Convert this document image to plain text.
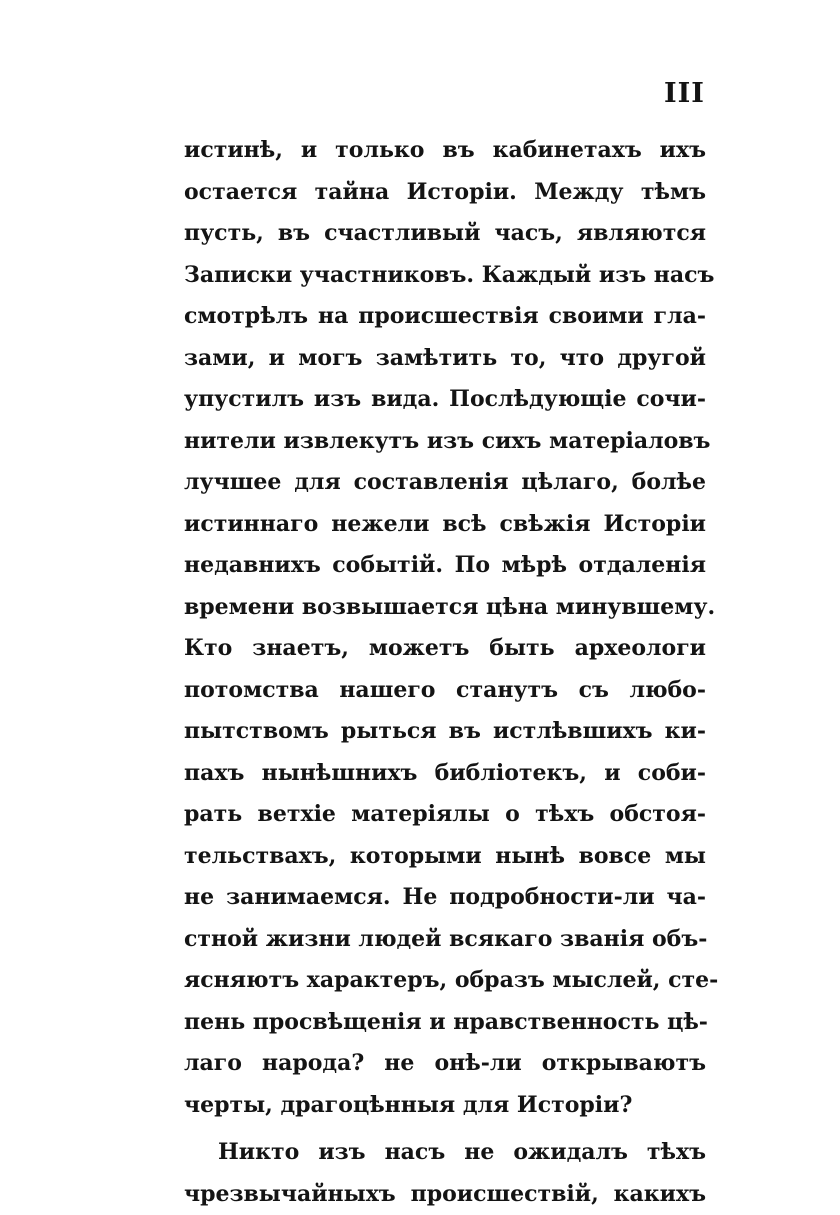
III
истинѣ, и только въ кабинетахъ ихъ
остается тайна Исторіи. Между тѣмъ
пусть, въ счастливый часъ, являются
Записки участниковъ. Каждый изъ насъ
смотрѣлъ на происшествія своими гла-
зами, и могъ замѣтить то, что другой
упустилъ изъ вида. Послѣдующіе сочи-
нители извлекутъ изъ сихъ матеріаловъ
лучшее для составленія цѣлаго, болѣе
истиннаго нежели всѣ свѣжія Исторіи
недавнихъ событій. По мѣрѣ отдаленія
времени возвышается цѣна минувшему.
Кто знаетъ, можетъ быть археологи
потомства нашего станутъ съ любо-
пытствомъ рыться въ истлѣвшихъ ки-
пахъ нынѣшнихъ библіотекъ, и соби-
рать ветхіе матеріялы о тѣхъ обстоя-
тельствахъ, которыми нынѣ вовсе мы
не занимаемся. Не подробности-ли ча-
стной жизни людей всякаго званія объ-
ясняютъ характеръ, образъ мыслей, сте-
пень просвѣщенія и нравственность цѣ-
лаго народа? не онѣ-ли открываютъ
черты, драгоцѣнныя для Исторіи?
Никто изъ насъ не ожидалъ тѣхъ
чрезвычайныхъ происшествій, какихъ
